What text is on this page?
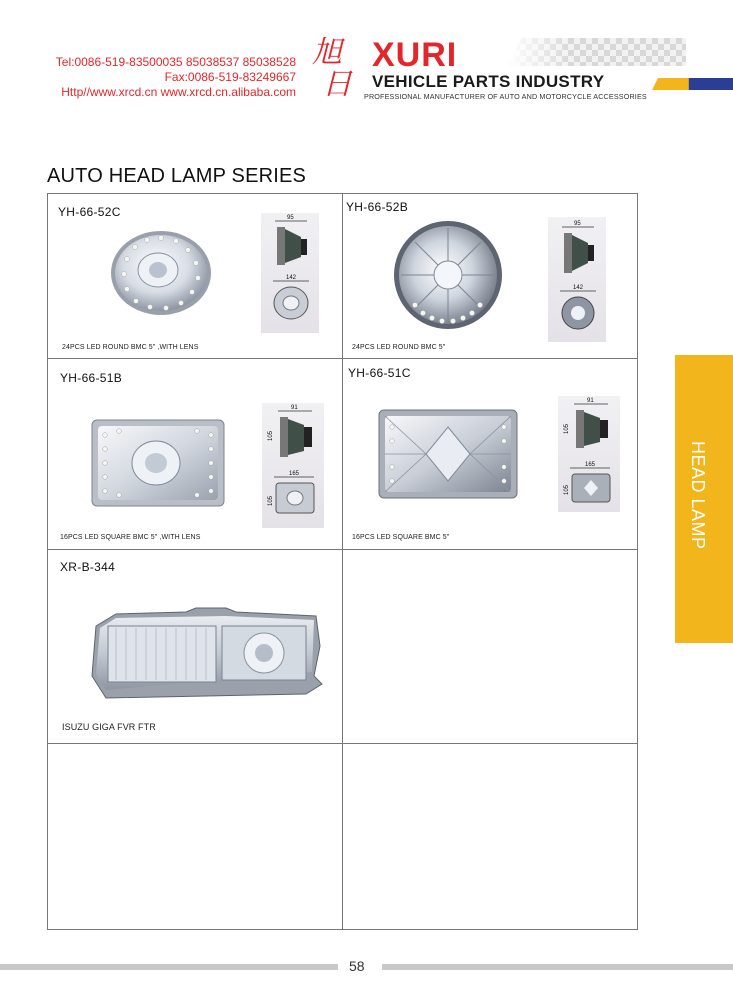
Tel:0086-519-83500035 85038537 85038528
Fax:0086-519-83249667
Http//www.xrcd.cn www.xrcd.cn.alibaba.com
旭
日
XURI
VEHICLE PARTS INDUSTRY
PROFESSIONAL MANUFACTURER OF AUTO AND MOTORCYCLE ACCESSORIES
AUTO HEAD LAMP SERIES
YH-66-52C	95
142
24PCS LED ROUND BMC 5" ,WITH LENS
YH-66-52B
95
142
24PCS LED ROUND BMC 5"
YH-66-51B
91
105
165
105
16PCS LED SQUARE BMC 5" ,WITH LENS
YH-66-51C
91
105
165
105
16PCS LED SQUARE BMC 5"
XR-B-344
ISUZU GIGA FVR FTR
HEAD LAMP
58
